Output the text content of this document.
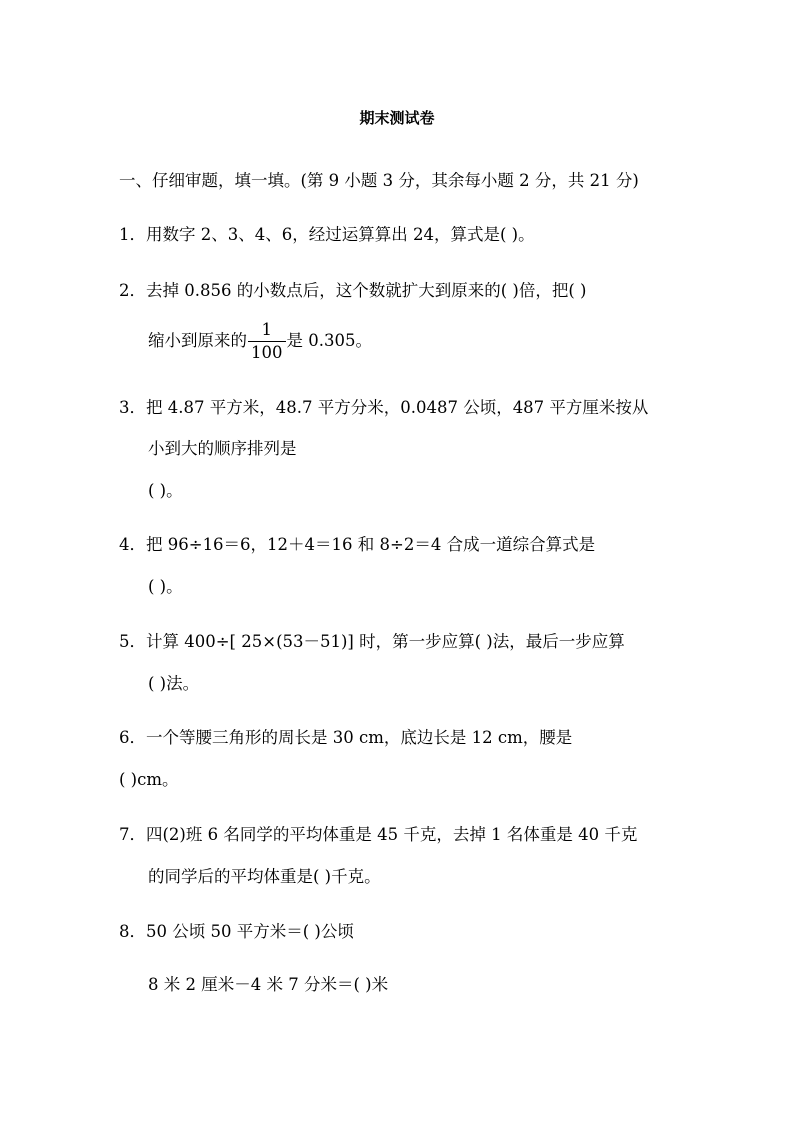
期末测试卷
一、仔细审题，填一填。(第 9 小题 3 分，其余每小题 2 分，共 21 分)
1．用数字 2、3、4、6，经过运算算出 24，算式是( )。
2．去掉 0.856 的小数点后，这个数就扩大到原来的( )倍，把( )
缩小到原来的 $\frac{1}{100}$ 是 0.305。
3．把 4.87 平方米，48.7 平方分米，0.0487 公顷，487 平方厘米按从
小到大的顺序排列是
( )。
4．把 96÷16＝6，12＋4＝16 和 8÷2＝4 合成一道综合算式是
( )。
5．计算 400÷[ 25×(53－51)] 时，第一步应算( )法，最后一步应算
( )法。
6．一个等腰三角形的周长是 30 cm，底边长是 12 cm，腰是
( )cm。
7．四(2)班 6 名同学的平均体重是 45 千克，去掉 1 名体重是 40 千克
的同学后的平均体重是( )千克。
8．50 公顷 50 平方米＝( )公顷
8 米 2 厘米－4 米 7 分米＝( )米
